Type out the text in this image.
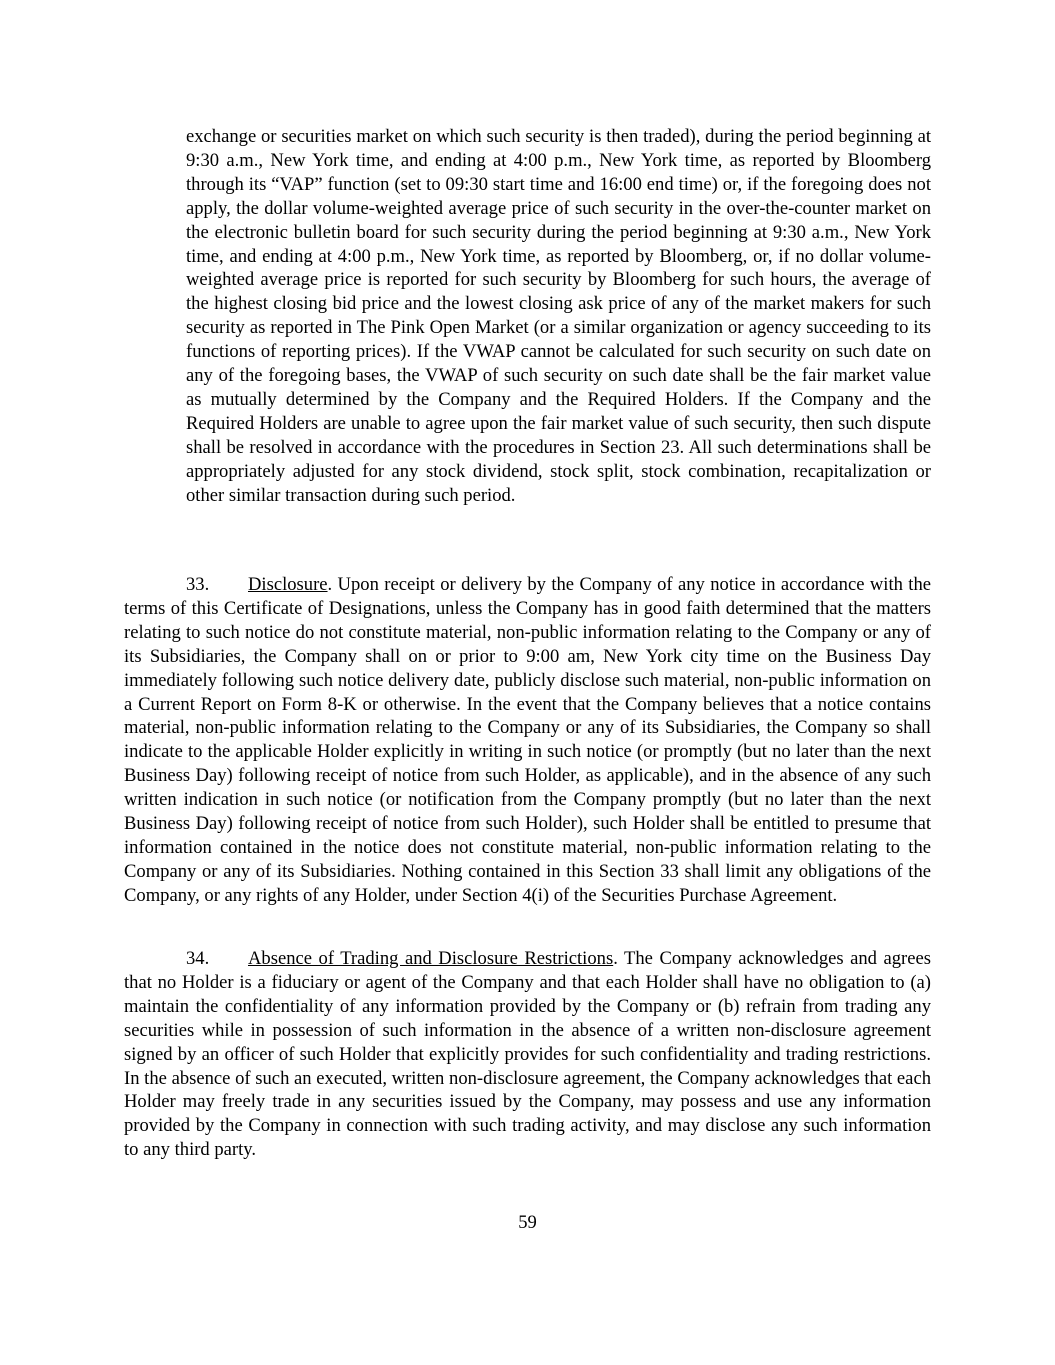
exchange or securities market on which such security is then traded), during the period beginning at 9:30 a.m., New York time, and ending at 4:00 p.m., New York time, as reported by Bloomberg through its “VAP” function (set to 09:30 start time and 16:00 end time) or, if the foregoing does not apply, the dollar volume-weighted average price of such security in the over-the-counter market on the electronic bulletin board for such security during the period beginning at 9:30 a.m., New York time, and ending at 4:00 p.m., New York time, as reported by Bloomberg, or, if no dollar volume-weighted average price is reported for such security by Bloomberg for such hours, the average of the highest closing bid price and the lowest closing ask price of any of the market makers for such security as reported in The Pink Open Market (or a similar organization or agency succeeding to its functions of reporting prices). If the VWAP cannot be calculated for such security on such date on any of the foregoing bases, the VWAP of such security on such date shall be the fair market value as mutually determined by the Company and the Required Holders. If the Company and the Required Holders are unable to agree upon the fair market value of such security, then such dispute shall be resolved in accordance with the procedures in Section 23. All such determinations shall be appropriately adjusted for any stock dividend, stock split, stock combination, recapitalization or other similar transaction during such period.

33. Disclosure. Upon receipt or delivery by the Company of any notice in accordance with the terms of this Certificate of Designations, unless the Company has in good faith determined that the matters relating to such notice do not constitute material, non-public information relating to the Company or any of its Subsidiaries, the Company shall on or prior to 9:00 am, New York city time on the Business Day immediately following such notice delivery date, publicly disclose such material, non-public information on a Current Report on Form 8-K or otherwise. In the event that the Company believes that a notice contains material, non-public information relating to the Company or any of its Subsidiaries, the Company so shall indicate to the applicable Holder explicitly in writing in such notice (or promptly (but no later than the next Business Day) following receipt of notice from such Holder, as applicable), and in the absence of any such written indication in such notice (or notification from the Company promptly (but no later than the next Business Day) following receipt of notice from such Holder), such Holder shall be entitled to presume that information contained in the notice does not constitute material, non-public information relating to the Company or any of its Subsidiaries. Nothing contained in this Section 33 shall limit any obligations of the Company, or any rights of any Holder, under Section 4(i) of the Securities Purchase Agreement.

34. Absence of Trading and Disclosure Restrictions. The Company acknowledges and agrees that no Holder is a fiduciary or agent of the Company and that each Holder shall have no obligation to (a) maintain the confidentiality of any information provided by the Company or (b) refrain from trading any securities while in possession of such information in the absence of a written non-disclosure agreement signed by an officer of such Holder that explicitly provides for such confidentiality and trading restrictions. In the absence of such an executed, written non-disclosure agreement, the Company acknowledges that each Holder may freely trade in any securities issued by the Company, may possess and use any information provided by the Company in connection with such trading activity, and may disclose any such information to any third party.

59
